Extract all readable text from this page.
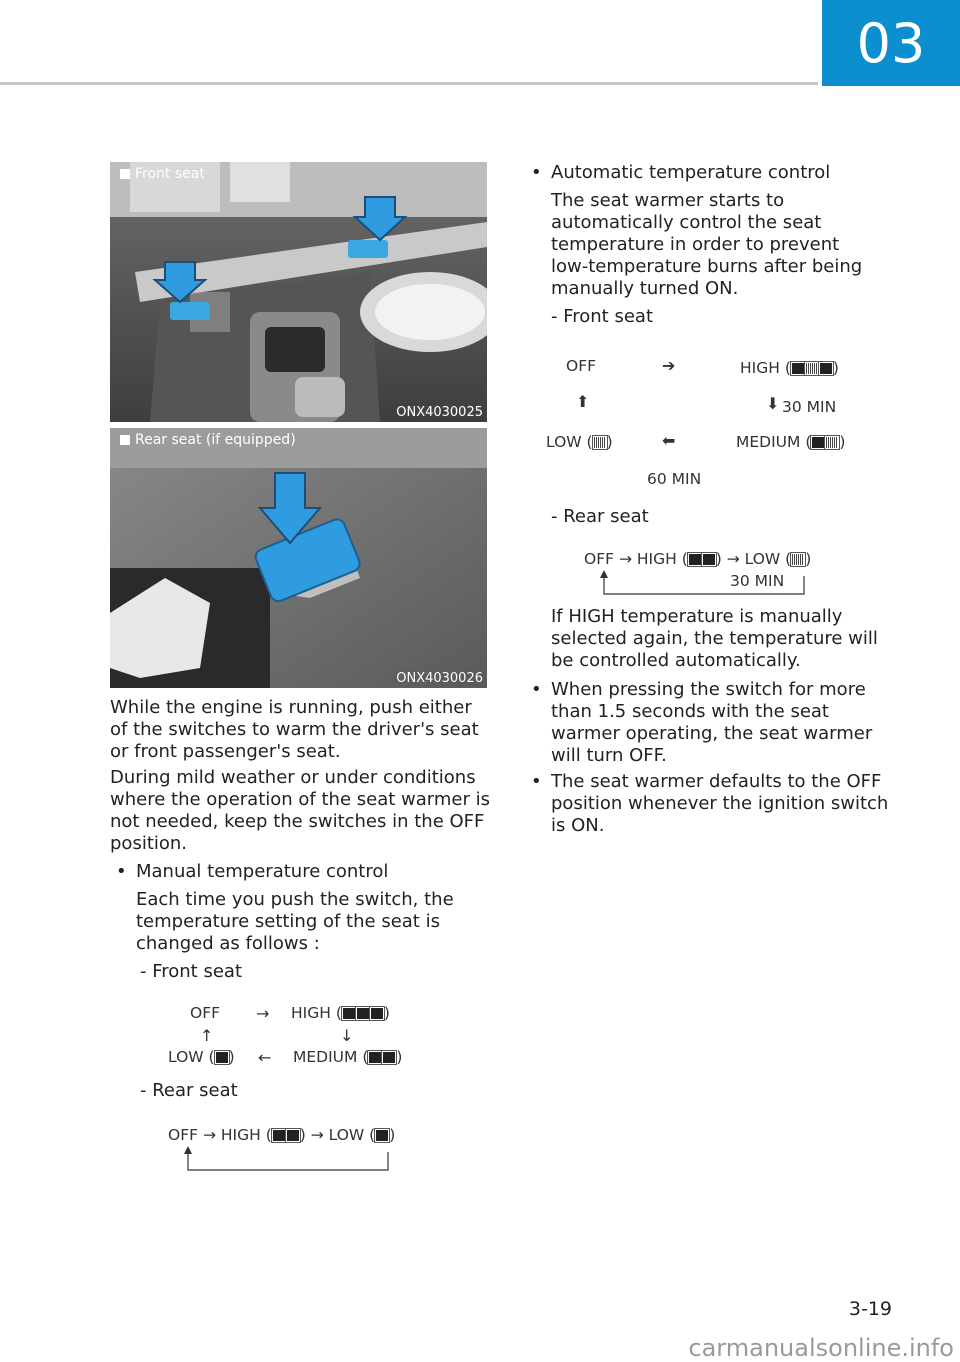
03
Front seat
ONX4030025
Rear seat (if equipped)
ONX4030026
While the engine is running, push either of the switches to warm the driver's seat or front passenger's seat.
During mild weather or under conditions where the operation of the seat warmer is not needed, keep the switches in the OFF position.
• Manual temperature control
Each time you push the switch, the temperature setting of the seat is changed as follows :
- Front seat
OFF → HIGH (	)
↑	↓
LOW ( ) ← MEDIUM ( )
- Rear seat
OFF → HIGH ( ) → LOW ( )
• Automatic temperature control
The seat warmer starts to automatically control the seat temperature in order to prevent low-temperature burns after being manually turned ON.
- Front seat
OFF	➔	HIGH (	)
⬆	⬇ 30 MIN
LOW ( )	⬅	MEDIUM ( )
60 MIN
- Rear seat
OFF → HIGH ( ) → LOW ( )
30 MIN
If HIGH temperature is manually selected again, the temperature will be controlled automatically.
• When pressing the switch for more than 1.5 seconds with the seat warmer operating, the seat warmer will turn OFF.
• The seat warmer defaults to the OFF position whenever the ignition switch is ON.
3-19
carmanualsonline.info
